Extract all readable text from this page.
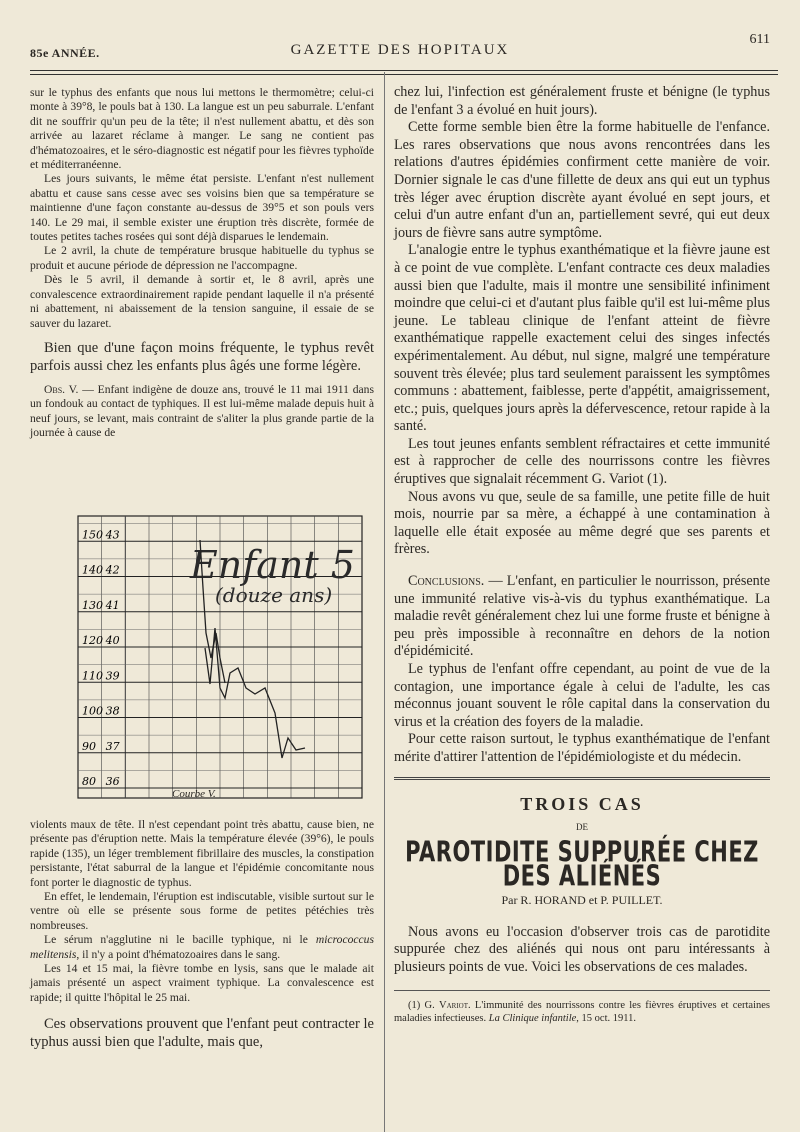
85e ANNÉE.	GAZETTE DES HOPITAUX
611

sur le typhus des enfants que nous lui mettons le thermomètre; celui-ci monte à 39°8, le pouls bat à 130. La langue est un peu saburrale. L'enfant dit ne souffrir qu'un peu de la tête; il n'est nullement abattu, et dès son arrivée au lazaret réclame à manger. Le sang ne contient pas d'hématozoaires, et le séro-diagnostic est négatif pour les fièvres typhoïde et méditerranéenne.

Les jours suivants, le même état persiste. L'enfant n'est nullement abattu et cause sans cesse avec ses voisins bien que sa température se maintienne d'une façon constante au-dessus de 39°5 et son pouls vers 140. Le 29 mai, il semble exister une éruption très discrète, formée de toutes petites taches rosées qui sont déjà disparues le lendemain.

Le 2 avril, la chute de température brusque habituelle du typhus se produit et aucune période de dépression ne l'accompagne.

Dès le 5 avril, il demande à sortir et, le 8 avril, après une convalescence extraordinairement rapide pendant laquelle il n'a présenté ni abattement, ni abaissement de la tension sanguine, il essaie de se sauver du lazaret.

Bien que d'une façon moins fréquente, le typhus revêt parfois aussi chez les enfants plus âgés une forme légère.

Obs. V. — Enfant indigène de douze ans, trouvé le 11 mai 1911 dans un fondouk au contact de typhiques. Il est lui-même malade depuis huit à neuf jours, se levant, mais contraint de s'aliter la plus grande partie de la journée à cause de

150 43
140 42
130 41
120 40
110 39
100 38
90 37
80 36
Enfant 5
(douze ans)
Courbe V.

violents maux de tête. Il n'est cependant point très abattu, cause bien, ne présente pas d'éruption nette. Mais la température élevée (39°6), le pouls rapide (135), un léger tremblement fibrillaire des muscles, la constipation persistante, l'état saburral de la langue et l'épidémie concomitante nous font porter le diagnostic de typhus.

En effet, le lendemain, l'éruption est indiscutable, visible surtout sur le ventre où elle se présente sous forme de petites pétéchies très nombreuses.

Le sérum n'agglutine ni le bacille typhique, ni le micrococcus melitensis, il n'y a point d'hématozoaires dans le sang.

Les 14 et 15 mai, la fièvre tombe en lysis, sans que le malade ait jamais présenté un aspect vraiment typhique. La convalescence est rapide; il quitte l'hôpital le 25 mai.

Ces observations prouvent que l'enfant peut contracter le typhus aussi bien que l'adulte, mais que,

chez lui, l'infection est généralement fruste et bénigne (le typhus de l'enfant 3 a évolué en huit jours).

Cette forme semble bien être la forme habituelle de l'enfance. Les rares observations que nous avons rencontrées dans les relations d'autres épidémies confirment cette manière de voir. Dornier signale le cas d'une fillette de deux ans qui eut un typhus très léger avec éruption discrète ayant évolué en sept jours, et celui d'un autre enfant d'un an, partiellement sevré, qui eut deux jours de fièvre sans autre symptôme.

L'analogie entre le typhus exanthématique et la fièvre jaune est à ce point de vue complète. L'enfant contracte ces deux maladies aussi bien que l'adulte, mais il montre une sensibilité infiniment moindre que celui-ci et d'autant plus faible qu'il est lui-même plus jeune. Le tableau clinique de l'enfant atteint de fièvre exanthématique rappelle exactement celui des singes infectés expérimentalement. Au début, nul signe, malgré une température souvent très élevée; plus tard seulement paraissent les symptômes communs : abattement, faiblesse, perte d'appétit, amaigrissement, etc.; puis, quelques jours après la défervescence, retour rapide à la santé.

Les tout jeunes enfants semblent réfractaires et cette immunité est à rapprocher de celle des nourrissons contre les fièvres éruptives que signalait récemment G. Variot (1).

Nous avons vu que, seule de sa famille, une petite fille de huit mois, nourrie par sa mère, a échappé à une contamination à laquelle elle était exposée au même degré que ses parents et frères.

Conclusions. — L'enfant, en particulier le nourrisson, présente une immunité relative vis-à-vis du typhus exanthématique. La maladie revêt généralement chez lui une forme fruste et bénigne à peu près impossible à reconnaître en dehors de la notion d'épidémicité.

Le typhus de l'enfant offre cependant, au point de vue de la contagion, une importance égale à celui de l'adulte, les cas méconnus jouant souvent le rôle capital dans la conservation du virus et la création des foyers de la maladie.

Pour cette raison surtout, le typhus exanthématique de l'enfant mérite d'attirer l'attention de l'épidémiologiste et du médecin.

TROIS CAS
DE
PAROTIDITE SUPPURÉE CHEZ DES ALIÉNÉS
Par R. HORAND et P. PUILLET.

Nous avons eu l'occasion d'observer trois cas de parotidite suppurée chez des aliénés qui nous ont paru intéressants à plusieurs points de vue. Voici les observations de ces malades.

(1) G. Variot. L'immunité des nourrissons contre les fièvres éruptives et certaines maladies infectieuses. La Clinique infantile, 15 oct. 1911.
